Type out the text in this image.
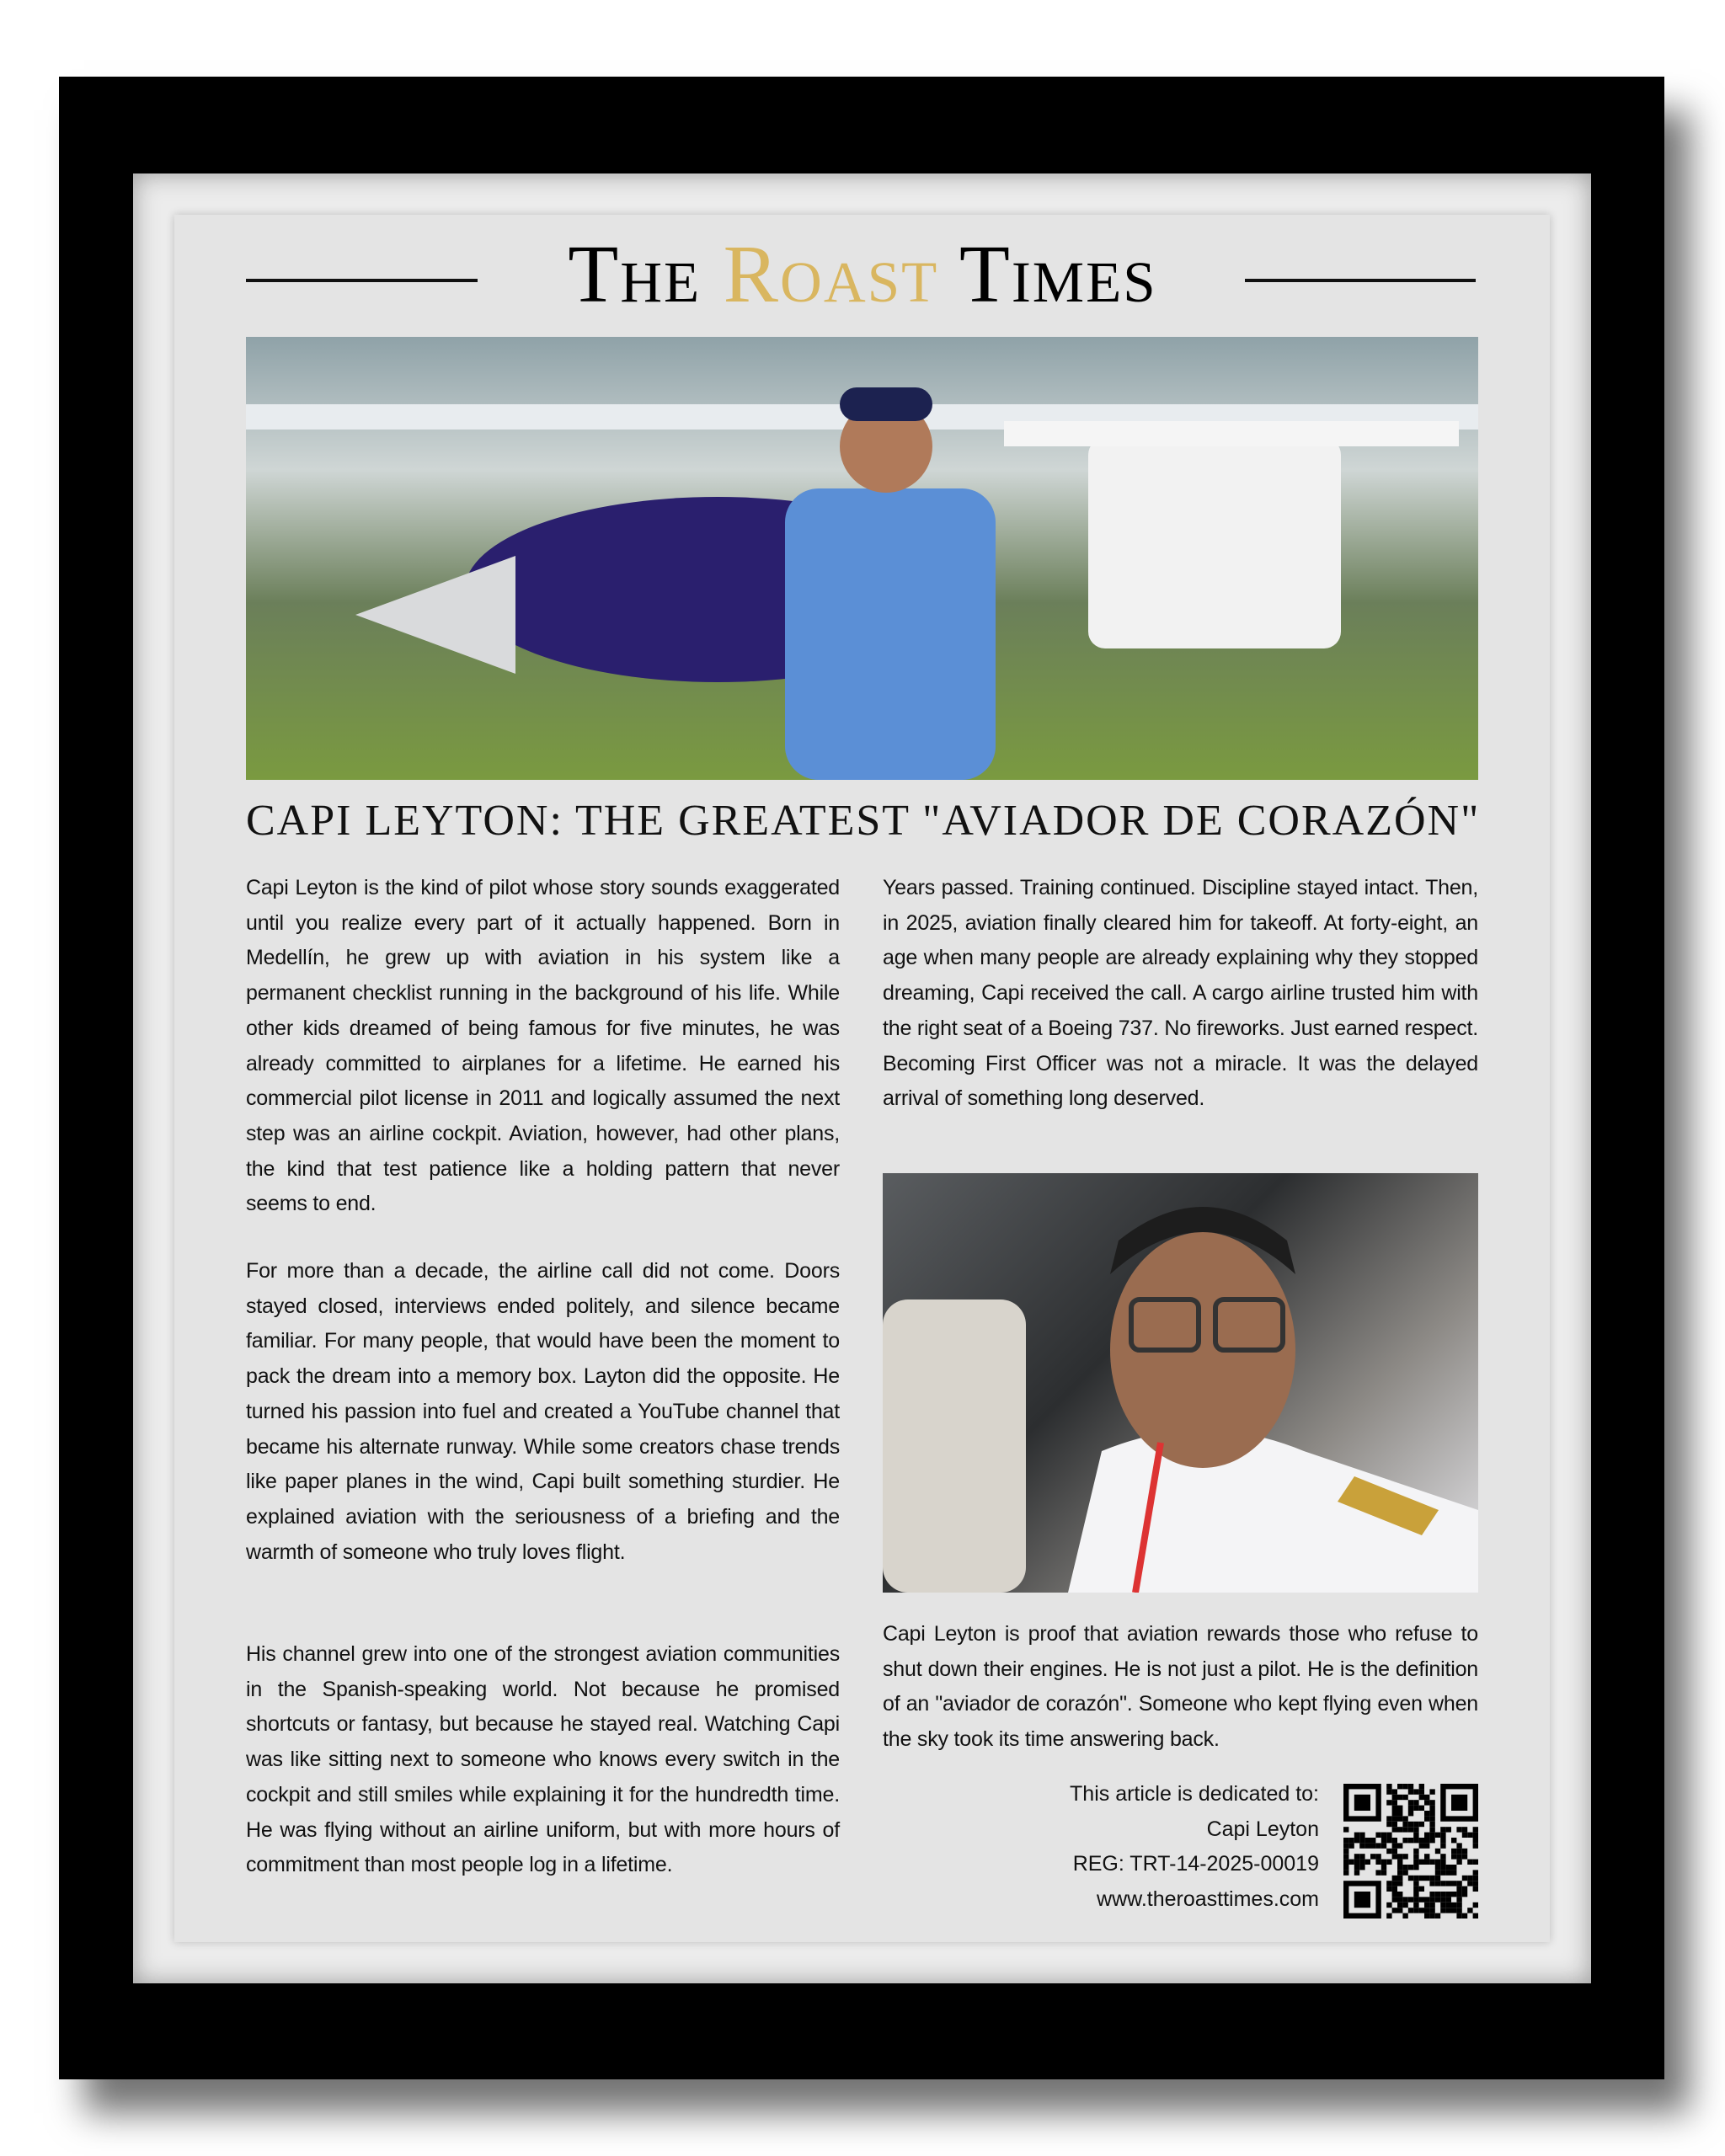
The Roast Times
CAPI LEYTON: THE GREATEST "AVIADOR DE CORAZÓN"

Capi Leyton is the kind of pilot whose story sounds exaggerated until you realize every part of it actually happened. Born in Medellín, he grew up with aviation in his system like a permanent checklist running in the background of his life. While other kids dreamed of being famous for five minutes, he was already committed to airplanes for a lifetime. He earned his commercial pilot license in 2011 and logically assumed the next step was an airline cockpit. Aviation, however, had other plans, the kind that test patience like a holding pattern that never seems to end.

For more than a decade, the airline call did not come. Doors stayed closed, interviews ended politely, and silence became familiar. For many people, that would have been the moment to pack the dream into a memory box. Layton did the opposite. He turned his passion into fuel and created a YouTube channel that became his alternate runway. While some creators chase trends like paper planes in the wind, Capi built something sturdier. He explained aviation with the seriousness of a briefing and the warmth of someone who truly loves flight.

His channel grew into one of the strongest aviation communities in the Spanish-speaking world. Not because he promised shortcuts or fantasy, but because he stayed real. Watching Capi was like sitting next to someone who knows every switch in the cockpit and still smiles while explaining it for the hundredth time. He was flying without an airline uniform, but with more hours of commitment than most people log in a lifetime.

Years passed. Training continued. Discipline stayed intact. Then, in 2025, aviation finally cleared him for takeoff. At forty-eight, an age when many people are already explaining why they stopped dreaming, Capi received the call. A cargo airline trusted him with the right seat of a Boeing 737. No fireworks. Just earned respect. Becoming First Officer was not a miracle. It was the delayed arrival of something long deserved.

Capi Leyton is proof that aviation rewards those who refuse to shut down their engines. He is not just a pilot. He is the definition of an "aviador de corazón". Someone who kept flying even when the sky took its time answering back.

This article is dedicated to:
Capi Leyton
REG: TRT-14-2025-00019
www.theroasttimes.com
